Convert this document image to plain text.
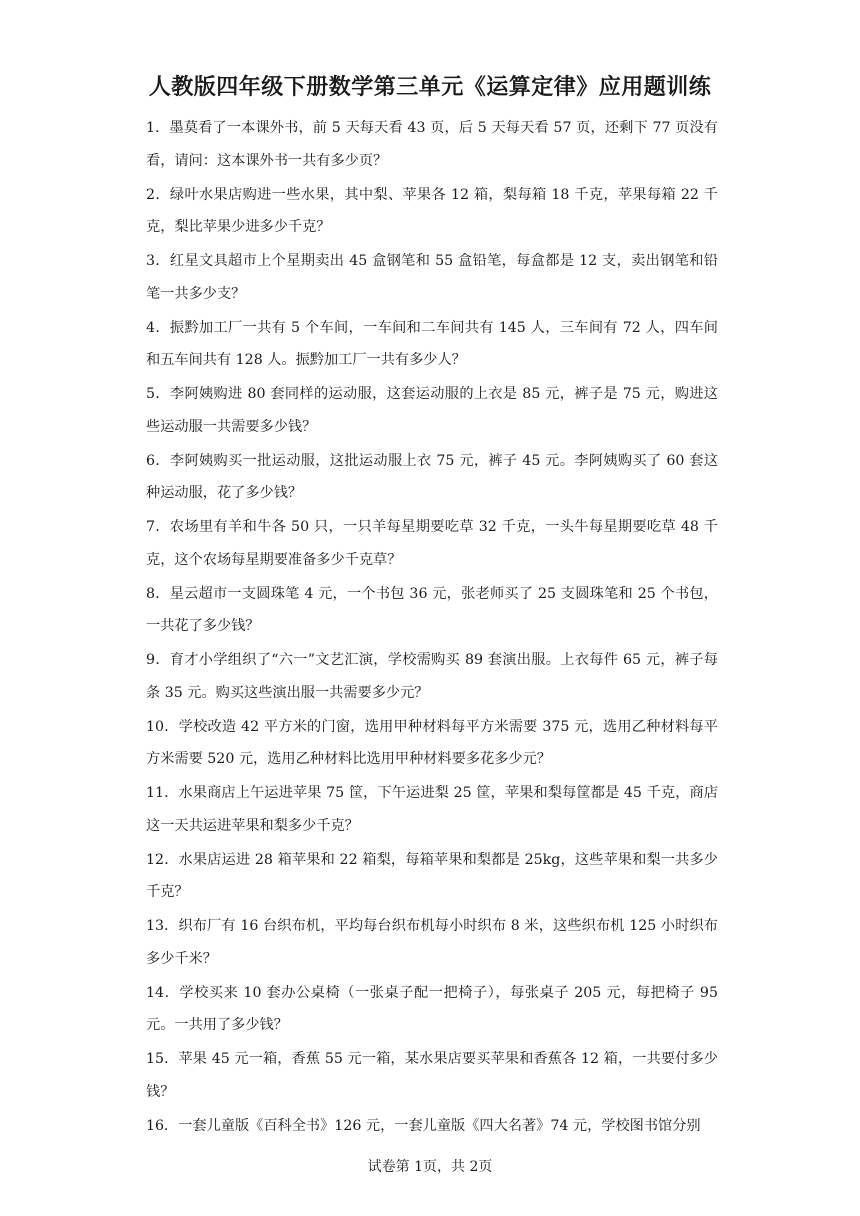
人教版四年级下册数学第三单元《运算定律》应用题训练

1．墨莫看了一本课外书，前 5 天每天看 43 页，后 5 天每天看 57 页，还剩下 77 页没有看，请问：这本课外书一共有多少页？

2．绿叶水果店购进一些水果，其中梨、苹果各 12 箱，梨每箱 18 千克，苹果每箱 22 千克，梨比苹果少进多少千克？

3．红星文具超市上个星期卖出 45 盒钢笔和 55 盒铅笔，每盒都是 12 支，卖出钢笔和铅笔一共多少支？

4．振黔加工厂一共有 5 个车间，一车间和二车间共有 145 人，三车间有 72 人，四车间和五车间共有 128 人。振黔加工厂一共有多少人？

5．李阿姨购进 80 套同样的运动服，这套运动服的上衣是 85 元，裤子是 75 元，购进这些运动服一共需要多少钱？

6．李阿姨购买一批运动服，这批运动服上衣 75 元，裤子 45 元。李阿姨购买了 60 套这种运动服，花了多少钱？

7．农场里有羊和牛各 50 只，一只羊每星期要吃草 32 千克，一头牛每星期要吃草 48 千克，这个农场每星期要准备多少千克草？

8．星云超市一支圆珠笔 4 元，一个书包 36 元，张老师买了 25 支圆珠笔和 25 个书包，一共花了多少钱？

9．育才小学组织了“六一”文艺汇演，学校需购买 89 套演出服。上衣每件 65 元，裤子每条 35 元。购买这些演出服一共需要多少元？

10．学校改造 42 平方米的门窗，选用甲种材料每平方米需要 375 元，选用乙种材料每平方米需要 520 元，选用乙种材料比选用甲种材料要多花多少元？

11．水果商店上午运进苹果 75 筐，下午运进梨 25 筐，苹果和梨每筐都是 45 千克，商店这一天共运进苹果和梨多少千克？

12．水果店运进 28 箱苹果和 22 箱梨，每箱苹果和梨都是 25kg，这些苹果和梨一共多少千克？

13．织布厂有 16 台织布机，平均每台织布机每小时织布 8 米，这些织布机 125 小时织布多少千米？

14．学校买来 10 套办公桌椅（一张桌子配一把椅子），每张桌子 205 元，每把椅子 95 元。一共用了多少钱？

15．苹果 45 元一箱，香蕉 55 元一箱，某水果店要买苹果和香蕉各 12 箱，一共要付多少钱？

16．一套儿童版《百科全书》126 元，一套儿童版《四大名著》74 元，学校图书馆分别

试卷第 1页，共 2页
